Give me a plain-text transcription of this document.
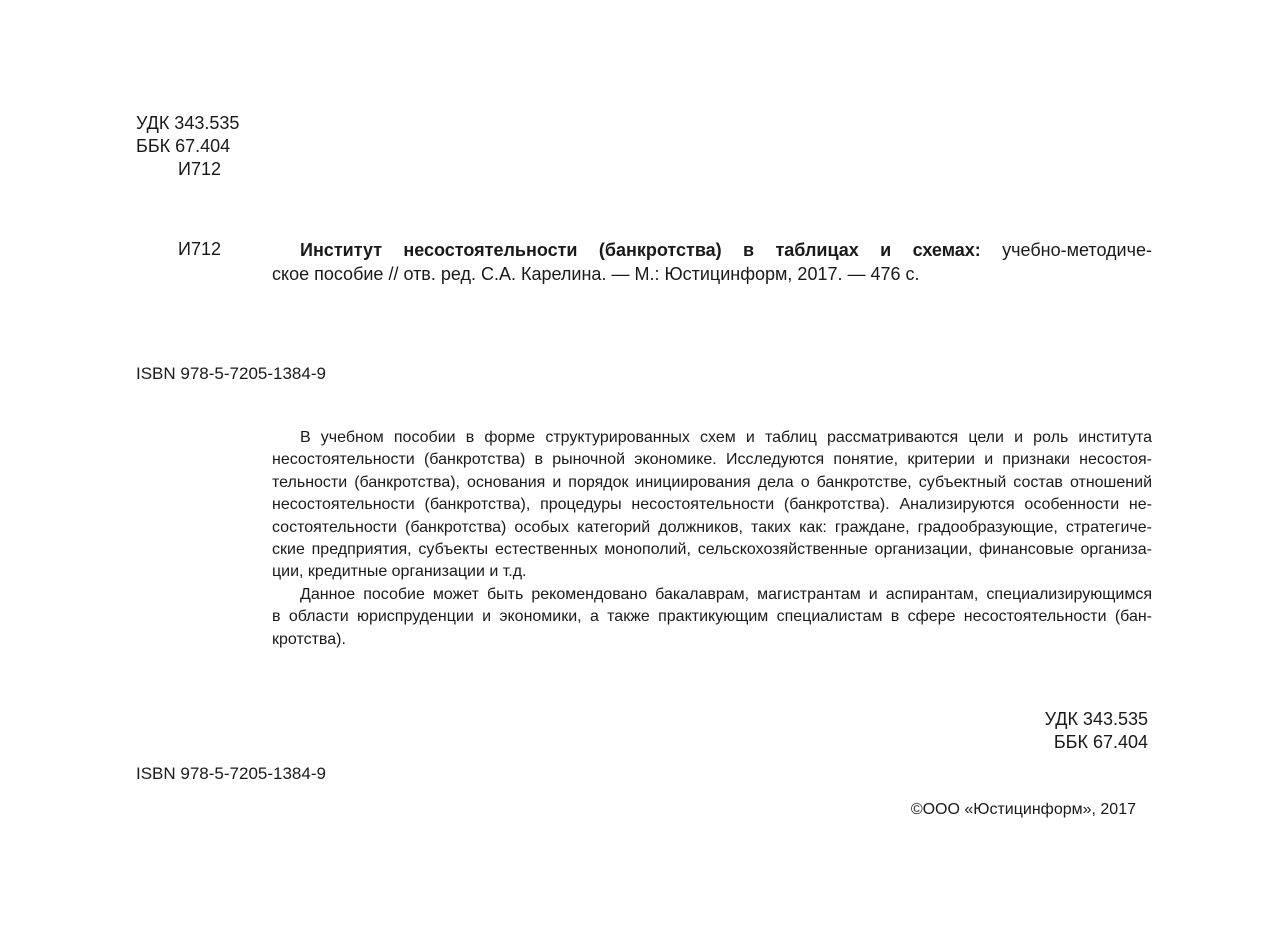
УДК 343.535
ББК 67.404
И712
И712	Институт несостоятельности (банкротства) в таблицах и схемах: учебно-методиче-
ское пособие // отв. ред. С.А. Карелина. — М.: Юстицинформ, 2017. — 476 с.
ISBN 978-5-7205-1384-9
В учебном пособии в форме структурированных схем и таблиц рассматриваются цели и роль института
несостоятельности (банкротства) в рыночной экономике. Исследуются понятие, критерии и признаки несостоя-
тельности (банкротства), основания и порядок инициирования дела о банкротстве, субъектный состав отношений
несостоятельности (банкротства), процедуры несостоятельности (банкротства). Анализируются особенности не-
состоятельности (банкротства) особых категорий должников, таких как: граждане, градообразующие, стратегиче-
ские предприятия, субъекты естественных монополий, сельскохозяйственные организации, финансовые организа-
ции, кредитные организации и т.д.
Данное пособие может быть рекомендовано бакалаврам, магистрантам и аспирантам, специализирующимся
в области юриспруденции и экономики, а также практикующим специалистам в сфере несостоятельности (бан-
кротства).
УДК 343.535
ББК 67.404
ISBN 978-5-7205-1384-9
©ООО «Юстицинформ», 2017
